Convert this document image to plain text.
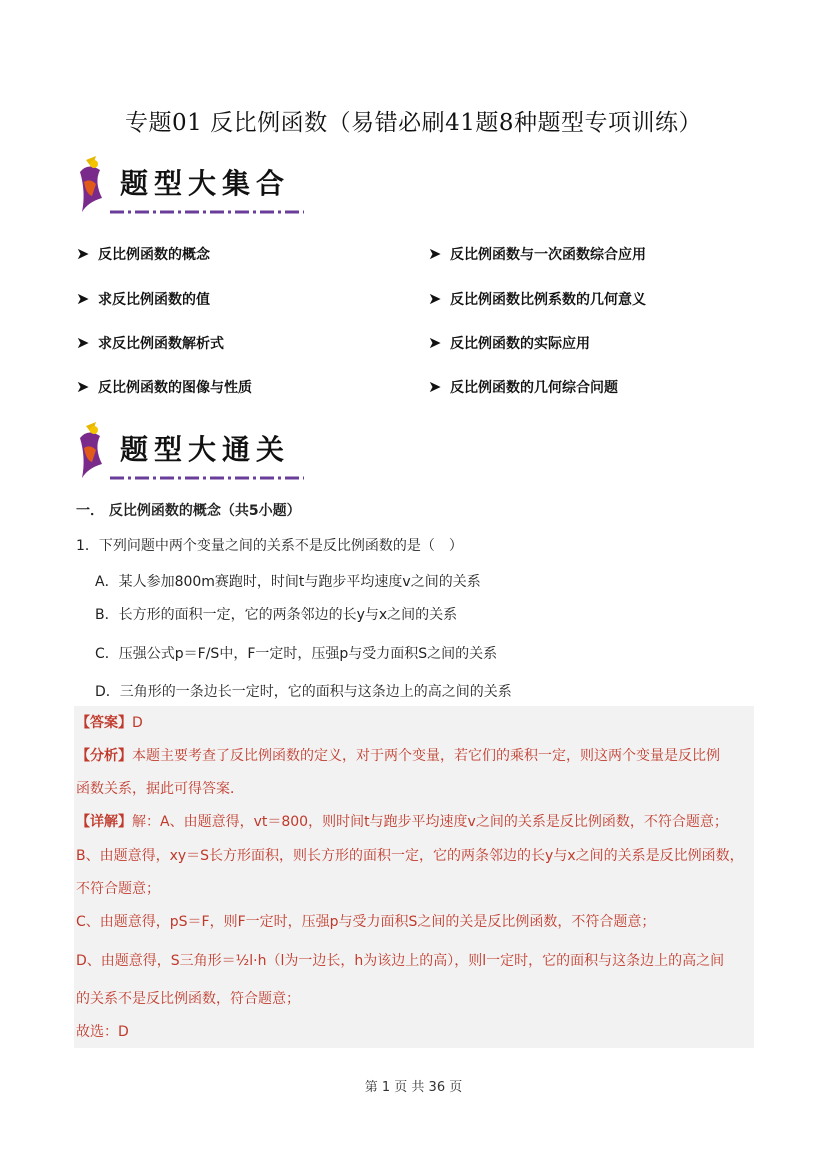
专题01 反比例函数（易错必刷41题8种题型专项训练）
题型大集合
➤ 反比例函数的概念	➤ 反比例函数与一次函数综合应用
➤ 求反比例函数的值	➤ 反比例函数比例系数的几何意义
➤ 求反比例函数解析式	➤ 反比例函数的实际应用
➤ 反比例函数的图像与性质	➤ 反比例函数的几何综合问题
题型大通关
一． 反比例函数的概念（共5小题）
1．下列问题中两个变量之间的关系不是反比例函数的是（　）
A．某人参加800m赛跑时，时间t与跑步平均速度v之间的关系
B．长方形的面积一定，它的两条邻边的长y与x之间的关系
C．压强公式p＝F/S中，F一定时，压强p与受力面积S之间的关系
D．三角形的一条边长一定时，它的面积与这条边上的高之间的关系
【答案】D
【分析】本题主要考查了反比例函数的定义，对于两个变量，若它们的乘积一定，则这两个变量是反比例
函数关系，据此可得答案．
【详解】解：A、由题意得，vt＝800，则时间t与跑步平均速度v之间的关系是反比例函数，不符合题意；
B、由题意得，xy＝S长方形面积，则长方形的面积一定，它的两条邻边的长y与x之间的关系是反比例函数，
不符合题意；
C、由题意得，pS＝F，则F一定时，压强p与受力面积S之间的关是反比例函数，不符合题意；
D、由题意得，S三角形＝½l·h（l为一边长，h为该边上的高），则l一定时，它的面积与这条边上的高之间
的关系不是反比例函数，符合题意；
故选：D
第 1 页 共 36 页
